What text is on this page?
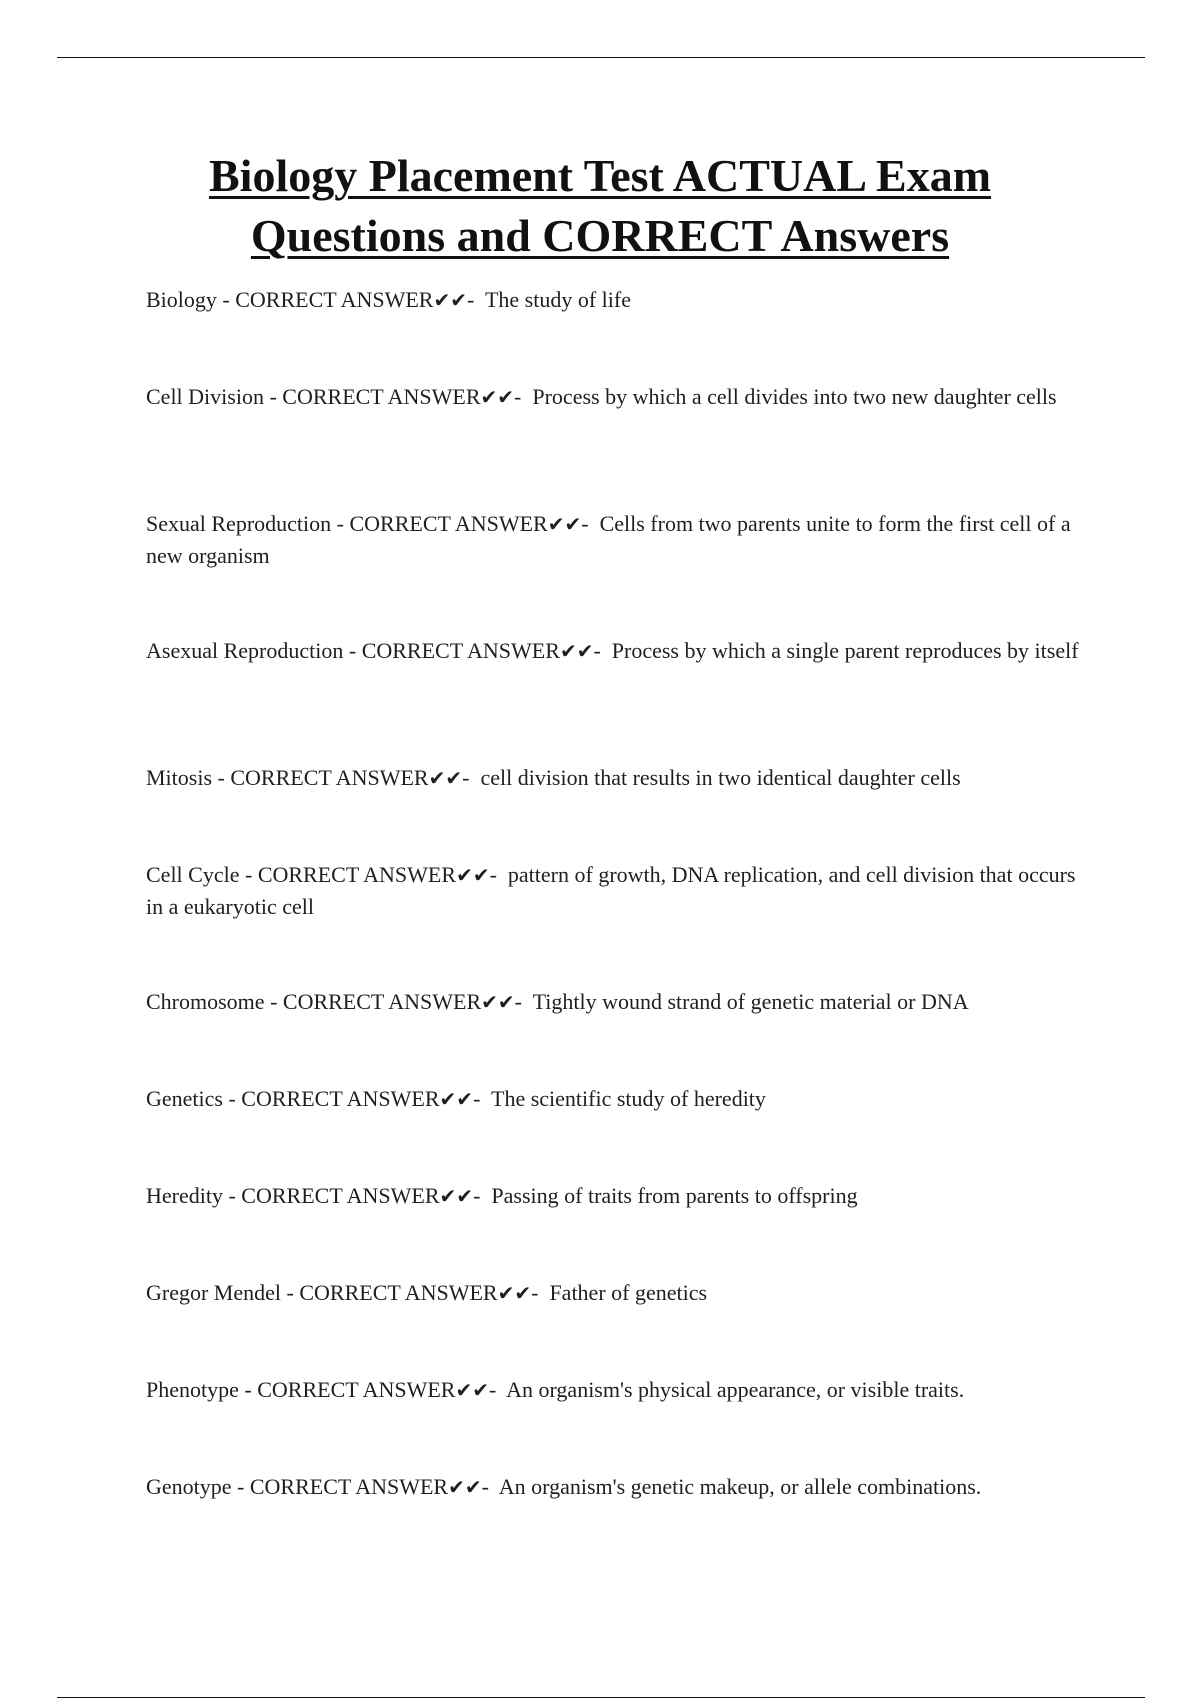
Biology Placement Test ACTUAL Exam
Questions and CORRECT Answers

Biology - CORRECT ANSWER✔✔-  The study of life

Cell Division - CORRECT ANSWER✔✔-  Process by which a cell divides into two new daughter cells

Sexual Reproduction - CORRECT ANSWER✔✔-  Cells from two parents unite to form the first cell of a new organism

Asexual Reproduction - CORRECT ANSWER✔✔-  Process by which a single parent reproduces by itself

Mitosis - CORRECT ANSWER✔✔-  cell division that results in two identical daughter cells

Cell Cycle - CORRECT ANSWER✔✔-  pattern of growth, DNA replication, and cell division that occurs in a eukaryotic cell

Chromosome - CORRECT ANSWER✔✔-  Tightly wound strand of genetic material or DNA

Genetics - CORRECT ANSWER✔✔-  The scientific study of heredity

Heredity - CORRECT ANSWER✔✔-  Passing of traits from parents to offspring

Gregor Mendel - CORRECT ANSWER✔✔-  Father of genetics

Phenotype - CORRECT ANSWER✔✔-  An organism's physical appearance, or visible traits.

Genotype - CORRECT ANSWER✔✔-  An organism's genetic makeup, or allele combinations.
